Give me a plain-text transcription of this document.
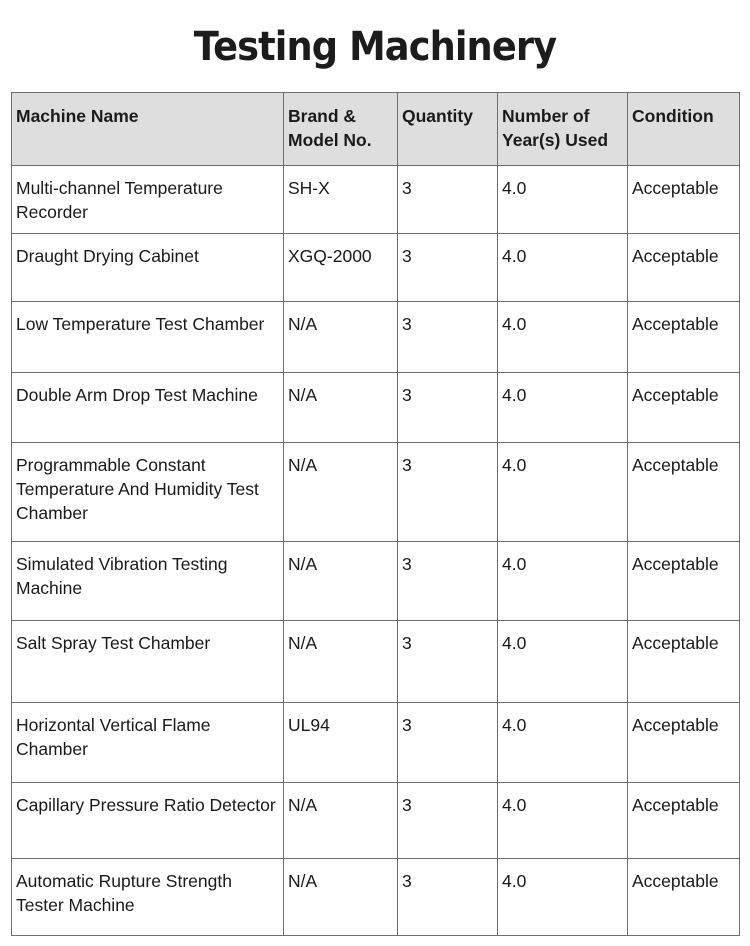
Testing Machinery
Machine Name	Brand & Model No.	Quantity	Number of Year(s) Used	Condition
Multi-channel Temperature Recorder	SH-X	3	4.0	Acceptable
Draught Drying Cabinet	XGQ-2000	3	4.0	Acceptable
Low Temperature Test Chamber	N/A	3	4.0	Acceptable
Double Arm Drop Test Machine	N/A	3	4.0	Acceptable
Programmable Constant Temperature And Humidity Test Chamber	N/A	3	4.0	Acceptable
Simulated Vibration Testing Machine	N/A	3	4.0	Acceptable
Salt Spray Test Chamber	N/A	3	4.0	Acceptable
Horizontal Vertical Flame Chamber	UL94	3	4.0	Acceptable
Capillary Pressure Ratio Detector	N/A	3	4.0	Acceptable
Automatic Rupture Strength Tester Machine	N/A	3	4.0	Acceptable
